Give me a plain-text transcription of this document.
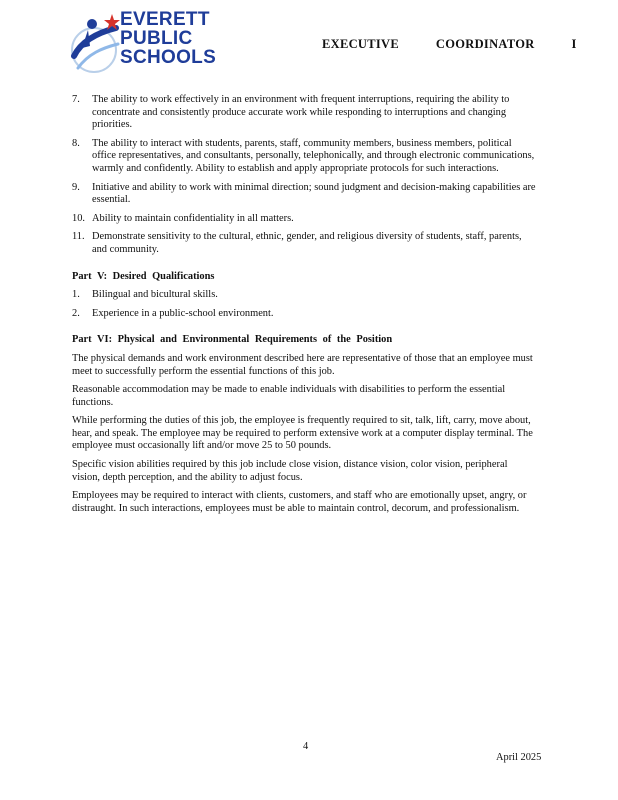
EVERETT
PUBLIC
SCHOOLS
EXECUTIVE	COORDINATOR	I
7. The ability to work effectively in an environment with frequent interruptions, requiring the ability to concentrate and consistently produce accurate work while responding to interruptions and changing priorities.
8. The ability to interact with students, parents, staff, community members, business members, political office representatives, and consultants, personally, telephonically, and through electronic communications, warmly and confidently. Ability to establish and apply appropriate protocols for such interactions.
9. Initiative and ability to work with minimal direction; sound judgment and decision-making capabilities are essential.
10. Ability to maintain confidentiality in all matters.
11. Demonstrate sensitivity to the cultural, ethnic, gender, and religious diversity of students, staff, parents, and community.
Part V: Desired Qualifications
1. Bilingual and bicultural skills.
2. Experience in a public-school environment.
Part VI: Physical and Environmental Requirements of the Position

The physical demands and work environment described here are representative of those that an employee must meet to successfully perform the essential functions of this job.

Reasonable accommodation may be made to enable individuals with disabilities to perform the essential functions.

While performing the duties of this job, the employee is frequently required to sit, talk, lift, carry, move about, hear, and speak. The employee may be required to perform extensive work at a computer display terminal. The employee must occasionally lift and/or move 25 to 50 pounds.

Specific vision abilities required by this job include close vision, distance vision, color vision, peripheral vision, depth perception, and the ability to adjust focus.

Employees may be required to interact with clients, customers, and staff who are emotionally upset, angry, or distraught. In such interactions, employees must be able to maintain control, decorum, and professionalism.

4
April 2025
